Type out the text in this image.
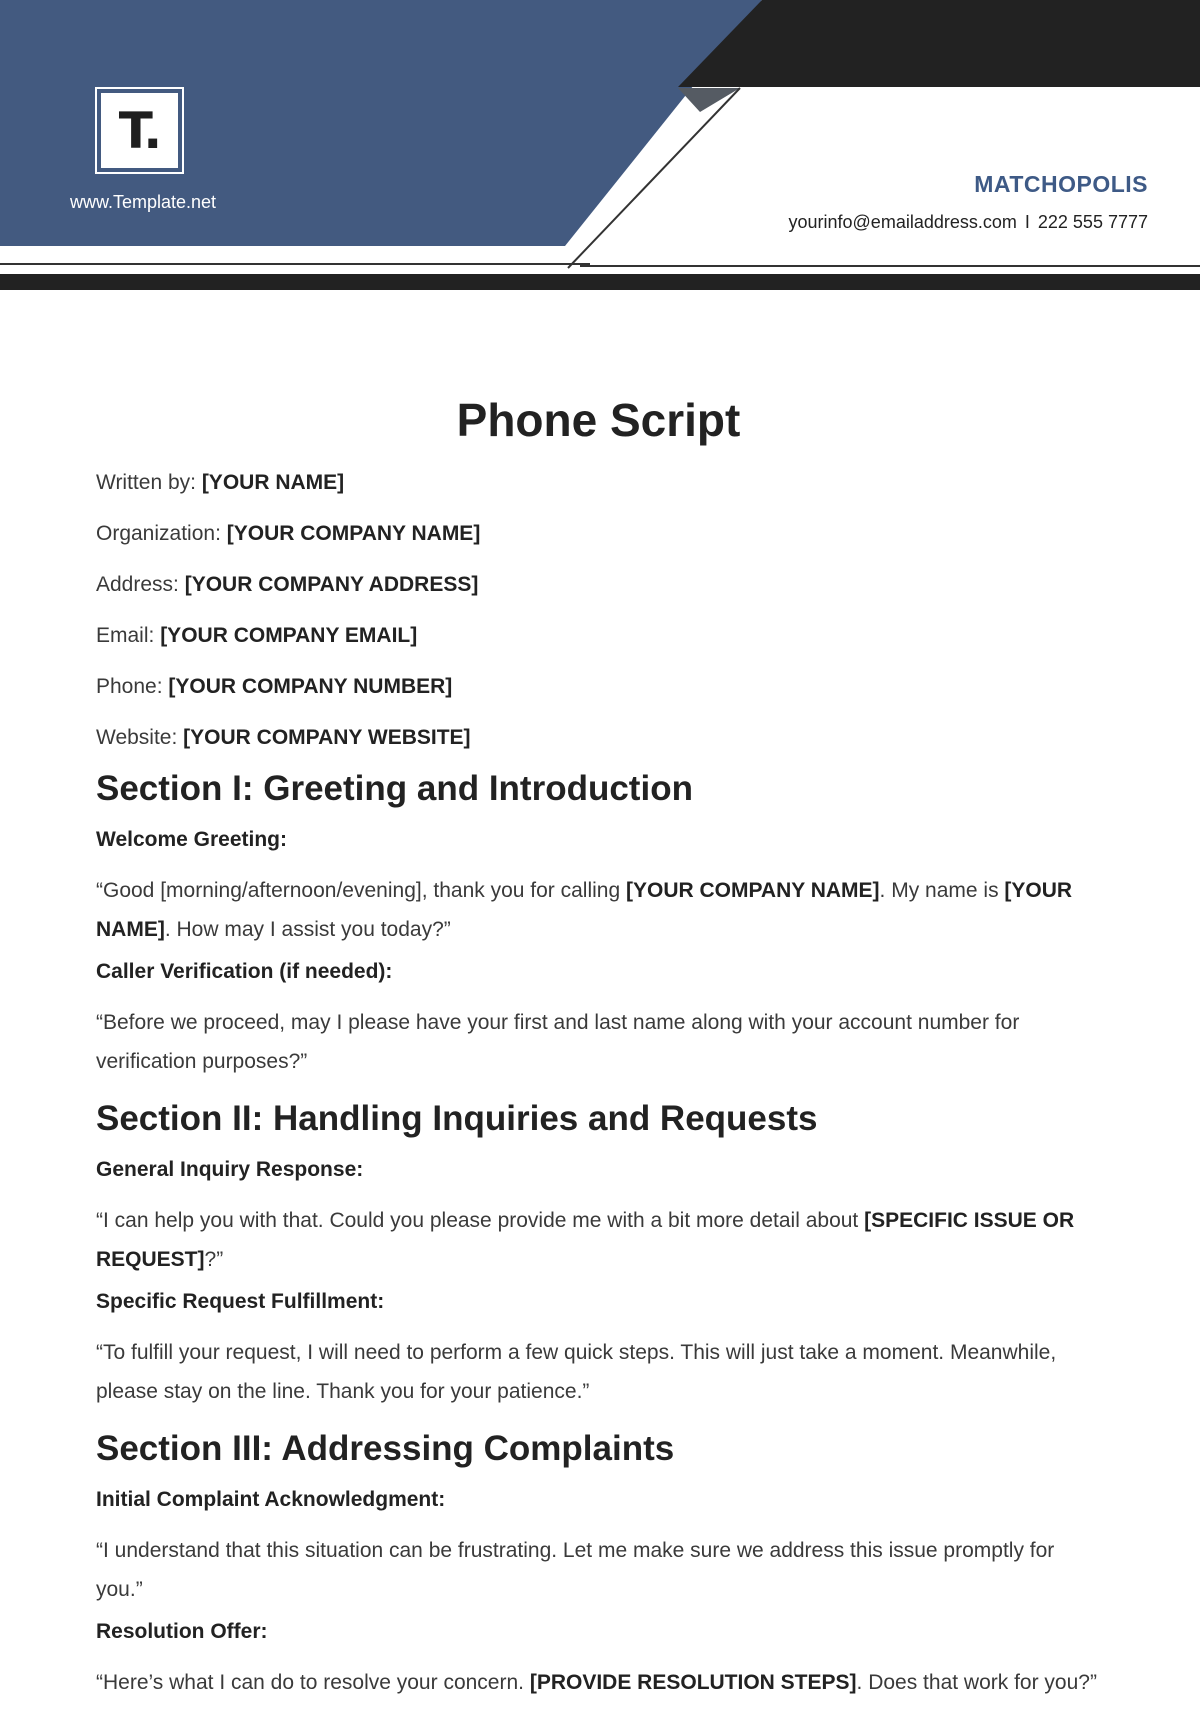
T.
www.Template.net
MATCHOPOLIS
yourinfo@emailaddress.com I 222 555 7777
Phone Script

Written by: [YOUR NAME]

Organization: [YOUR COMPANY NAME]

Address: [YOUR COMPANY ADDRESS]

Email: [YOUR COMPANY EMAIL]

Phone: [YOUR COMPANY NUMBER]

Website: [YOUR COMPANY WEBSITE]

Section I: Greeting and Introduction

Welcome Greeting:

“Good [morning/afternoon/evening], thank you for calling [YOUR COMPANY NAME]. My name is [YOUR NAME]. How may I assist you today?”

Caller Verification (if needed):

“Before we proceed, may I please have your first and last name along with your account number for verification purposes?”

Section II: Handling Inquiries and Requests

General Inquiry Response:

“I can help you with that. Could you please provide me with a bit more detail about [SPECIFIC ISSUE OR REQUEST]?”

Specific Request Fulfillment:

“To fulfill your request, I will need to perform a few quick steps. This will just take a moment. Meanwhile, please stay on the line. Thank you for your patience.”

Section III: Addressing Complaints

Initial Complaint Acknowledgment:

“I understand that this situation can be frustrating. Let me make sure we address this issue promptly for you.”

Resolution Offer:

“Here’s what I can do to resolve your concern. [PROVIDE RESOLUTION STEPS]. Does that work for you?”
